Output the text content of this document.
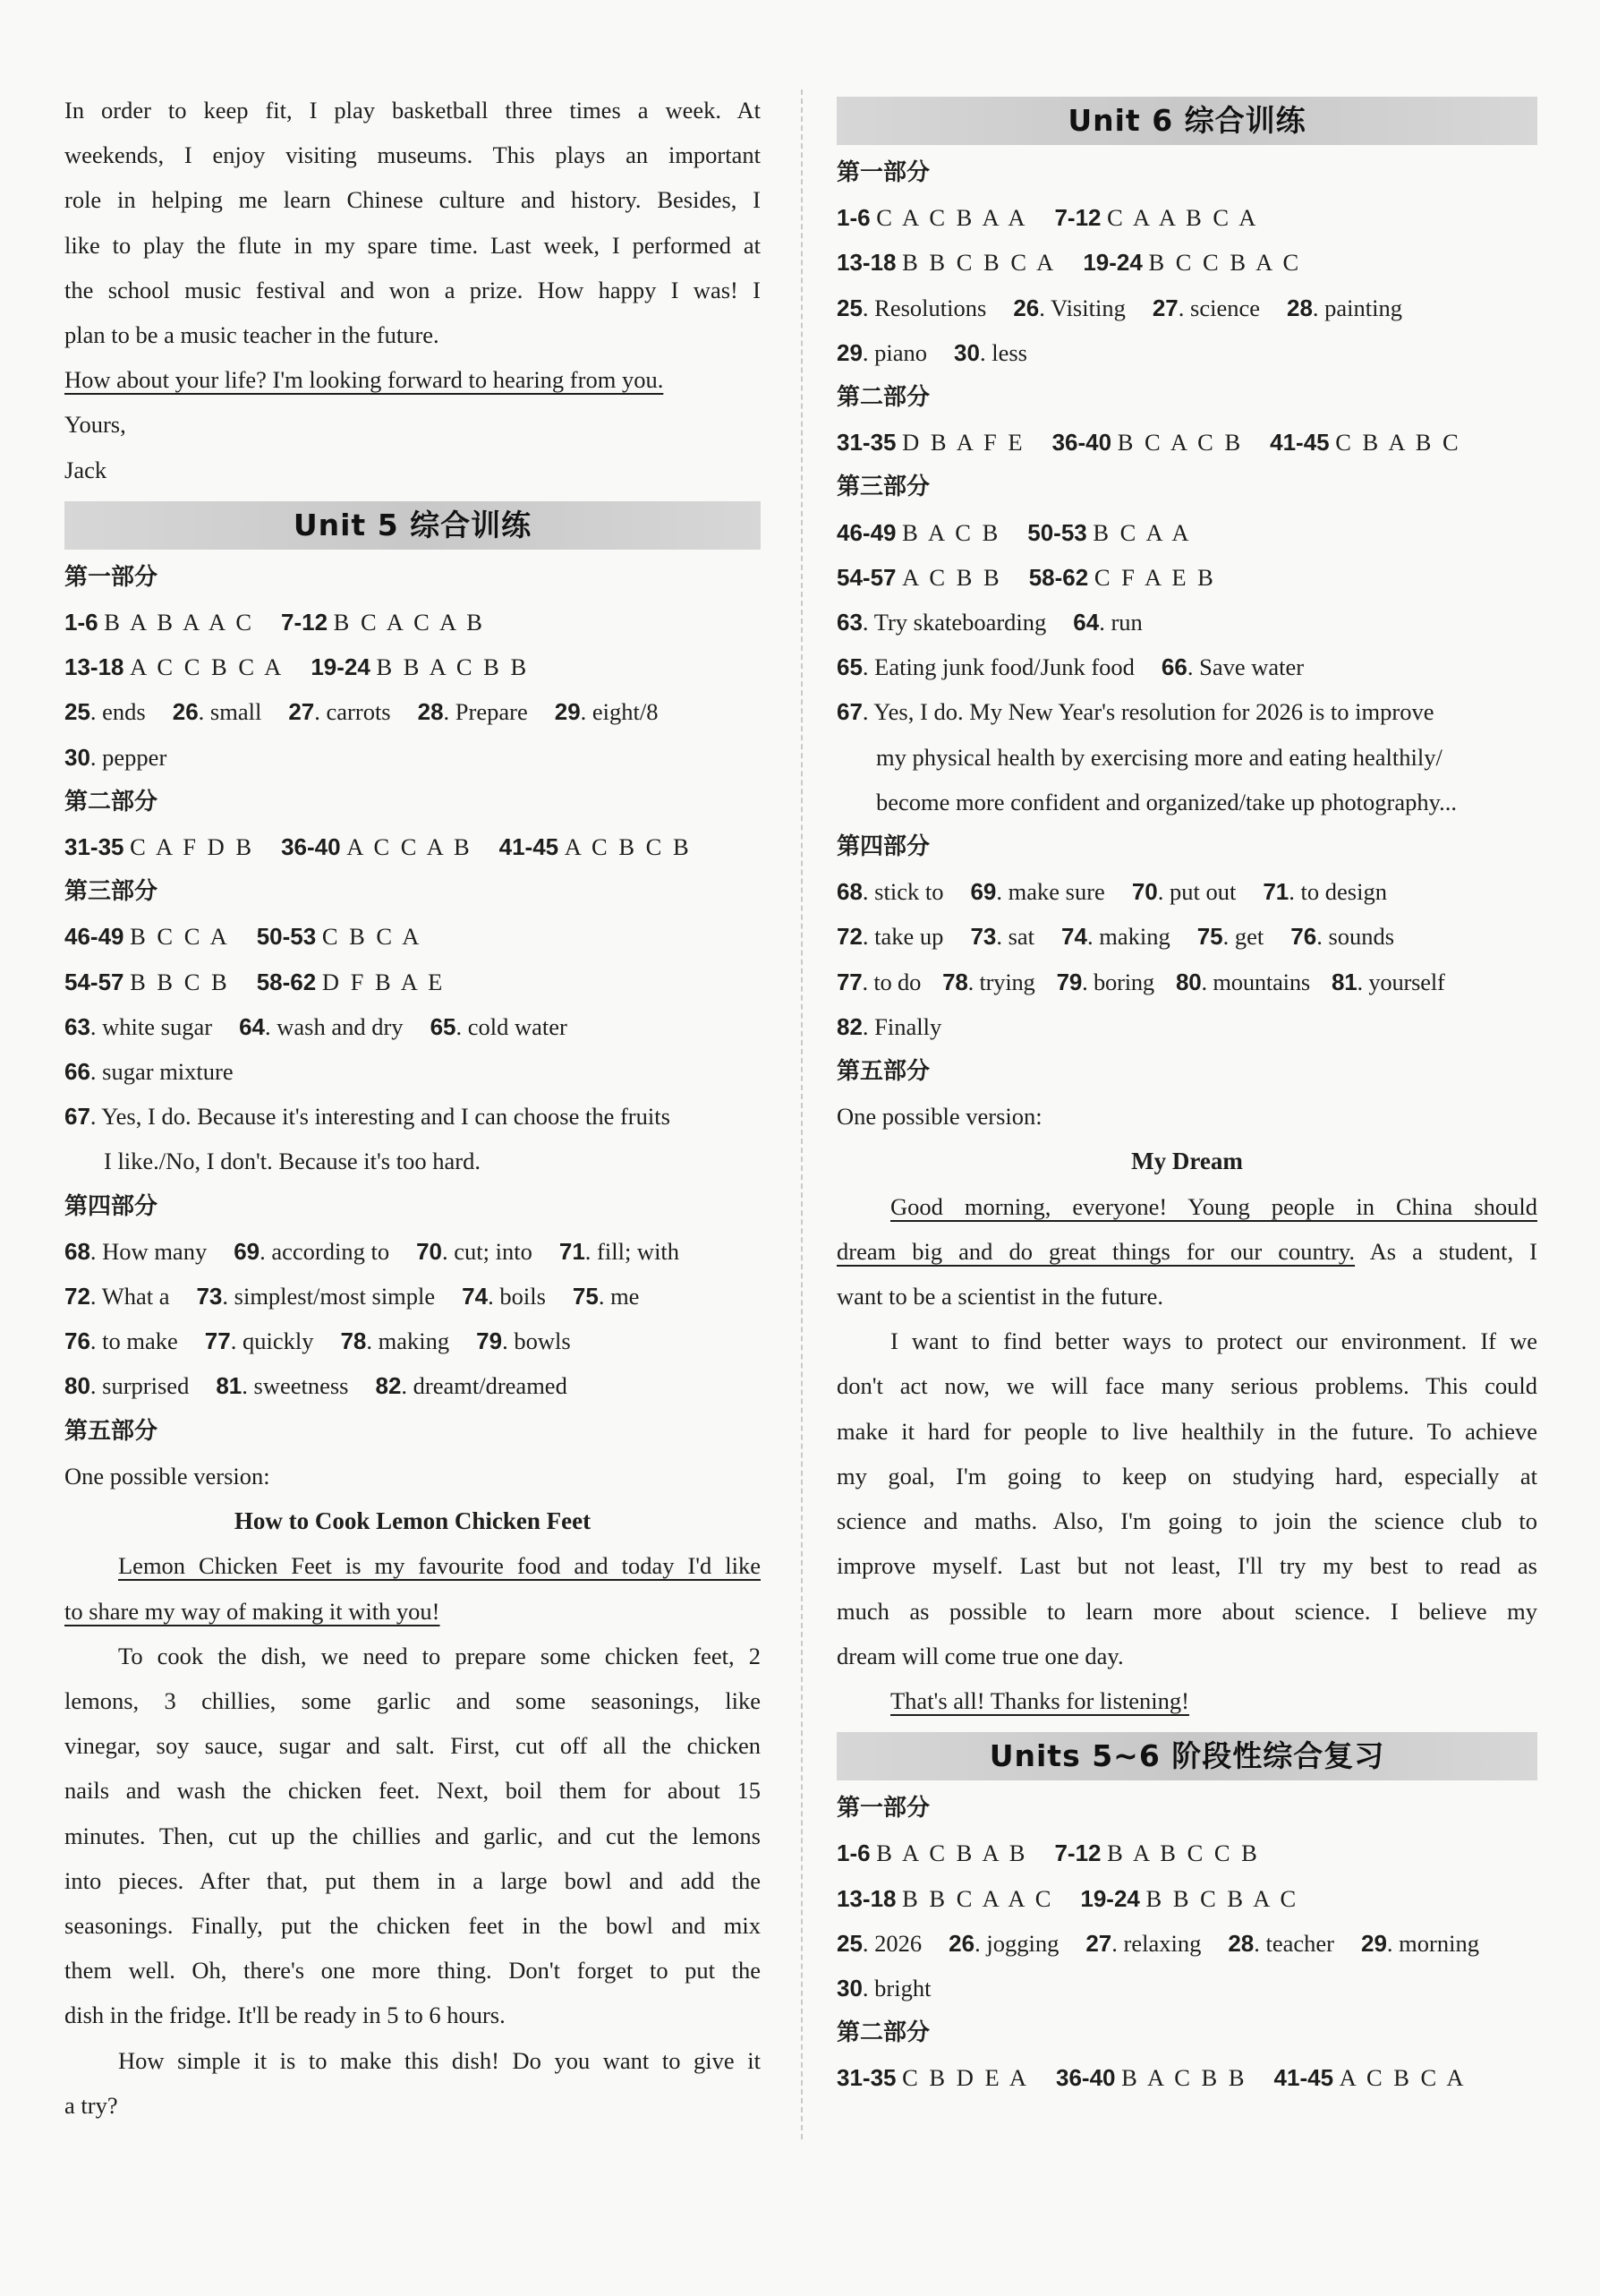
In order to keep fit, I play basketball three times a week. At
weekends, I enjoy visiting museums. This plays an important
role in helping me learn Chinese culture and history. Besides, I
like to play the flute in my spare time. Last week, I performed at
the school music festival and won a prize. How happy I was! I
plan to be a music teacher in the future.
How about your life? I'm looking forward to hearing from you.
Yours,
Jack
Unit 5 综合训练
第一部分
1-6 B A B A A C 7-12 B C A C A B
13-18 A C C B C A 19-24 B B A C B B
25. ends 26. small 27. carrots 28. Prepare 29. eight/8
30. pepper
第二部分
31-35 C A F D B 36-40 A C C A B 41-45 A C B C B
第三部分
46-49 B C C A 50-53 C B C A
54-57 B B C B 58-62 D F B A E
63. white sugar 64. wash and dry 65. cold water
66. sugar mixture
67. Yes, I do. Because it's interesting and I can choose the fruits
I like./No, I don't. Because it's too hard.
第四部分
68. How many 69. according to 70. cut; into 71. fill; with
72. What a 73. simplest/most simple 74. boils 75. me
76. to make 77. quickly 78. making 79. bowls
80. surprised 81. sweetness 82. dreamt/dreamed
第五部分
One possible version:
How to Cook Lemon Chicken Feet
Lemon Chicken Feet is my favourite food and today I'd like
to share my way of making it with you!
To cook the dish, we need to prepare some chicken feet, 2
lemons, 3 chillies, some garlic and some seasonings, like
vinegar, soy sauce, sugar and salt. First, cut off all the chicken
nails and wash the chicken feet. Next, boil them for about 15
minutes. Then, cut up the chillies and garlic, and cut the lemons
into pieces. After that, put them in a large bowl and add the
seasonings. Finally, put the chicken feet in the bowl and mix
them well. Oh, there's one more thing. Don't forget to put the
dish in the fridge. It'll be ready in 5 to 6 hours.
How simple it is to make this dish! Do you want to give it
a try?
Unit 6 综合训练
第一部分
1-6 C A C B A A 7-12 C A A B C A
13-18 B B C B C A 19-24 B C C B A C
25. Resolutions 26. Visiting 27. science 28. painting
29. piano 30. less
第二部分
31-35 D B A F E 36-40 B C A C B 41-45 C B A B C
第三部分
46-49 B A C B 50-53 B C A A
54-57 A C B B 58-62 C F A E B
63. Try skateboarding 64. run
65. Eating junk food/Junk food 66. Save water
67. Yes, I do. My New Year's resolution for 2026 is to improve
my physical health by exercising more and eating healthily/
become more confident and organized/take up photography...
第四部分
68. stick to 69. make sure 70. put out 71. to design
72. take up 73. sat 74. making 75. get 76. sounds
77. to do 78. trying 79. boring 80. mountains 81. yourself
82. Finally
第五部分
One possible version:
My Dream
Good morning, everyone! Young people in China should
dream big and do great things for our country. As a student, I
want to be a scientist in the future.
I want to find better ways to protect our environment. If we
don't act now, we will face many serious problems. This could
make it hard for people to live healthily in the future. To achieve
my goal, I'm going to keep on studying hard, especially at
science and maths. Also, I'm going to join the science club to
improve myself. Last but not least, I'll try my best to read as
much as possible to learn more about science. I believe my
dream will come true one day.
That's all! Thanks for listening!
Units 5~6 阶段性综合复习
第一部分
1-6 B A C B A B 7-12 B A B C C B
13-18 B B C A A C 19-24 B B C B A C
25. 2026 26. jogging 27. relaxing 28. teacher 29. morning
30. bright
第二部分
31-35 C B D E A 36-40 B A C B B 41-45 A C B C A
